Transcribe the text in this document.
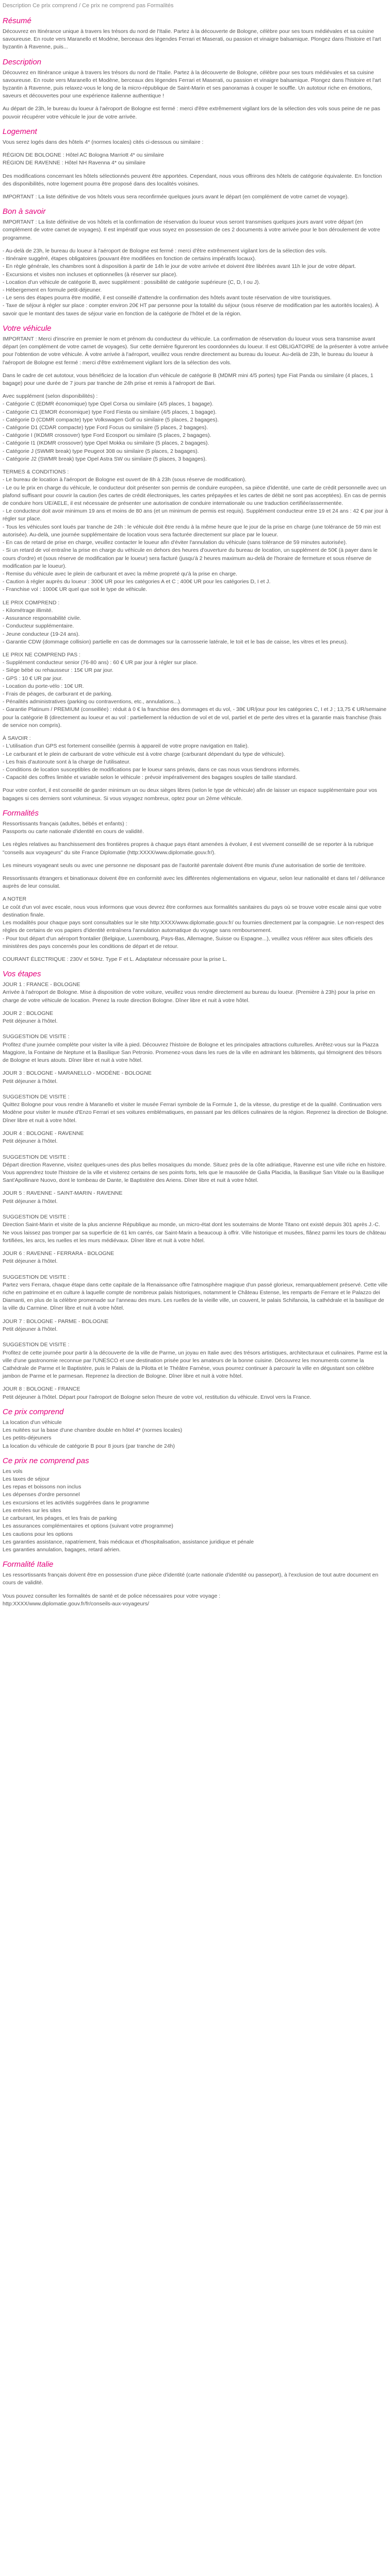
Description Ce prix comprend / Ce prix ne comprend pas Formalités
Résumé

Découvrez en Itinérance unique à travers les trésors du nord de l'Italie. Partez à la découverte de Bologne, célèbre pour ses tours médiévales et sa cuisine savoureuse. En route vers Maranello et Modène, berceaux des légendes Ferrari et Maserati, ou passion et vinaigre balsamique. Plongez dans l'histoire et l'art byzantin à Ravenne, puis...

Description

Découvrez en Itinérance unique à travers les trésors du nord de l'Italie. Partez à la découverte de Bologne, célèbre pour ses tours médiévales et sa cuisine savoureuse. En route vers Maranello et Modène, berceaux des légendes Ferrari et Maserati, ou passion et vinaigre balsamique. Plongez dans l'histoire et l'art byzantin à Ravenne, puis relaxez-vous le long de la micro-république de Saint-Marin et ses panoramas à couper le souffle. Un autotour riche en émotions, saveurs et découvertes pour une expérience italienne authentique !

Au départ de 23h, le bureau du loueur à l'aéroport de Bologne est fermé : merci d'être extrêmement vigilant lors de la sélection des vols sous peine de ne pas pouvoir récupérer votre véhicule le jour de votre arrivée.

Logement

Vous serez logés dans des hôtels 4* (normes locales) cités ci-dessous ou similaire :

RÉGION DE BOLOGNE : Hôtel AC Bologna Marriott 4* ou similaire
RÉGION DE RAVENNE : Hôtel NH Ravenna 4* ou similaire

Des modifications concernant les hôtels sélectionnés peuvent être apportées. Cependant, nous vous offrirons des hôtels de catégorie équivalente. En fonction des disponibilités, notre logement pourra être proposé dans des localités voisines.

IMPORTANT : La liste définitive de vos hôtels vous sera reconfirmée quelques jours avant le départ (en complément de votre carnet de voyage).

Bon à savoir

IMPORTANT : La liste définitive de vos hôtels et la confirmation de réservation du loueur vous seront transmises quelques jours avant votre départ (en complément de votre carnet de voyages). Il est impératif que vous soyez en possession de ces 2 documents à votre arrivée pour le bon déroulement de votre programme.

- Au-delà de 23h, le bureau du loueur à l'aéroport de Bologne est fermé : merci d'être extrêmement vigilant lors de la sélection des vols.
- Itinéraire suggéré, étapes obligatoires (pouvant être modifiées en fonction de certains impératifs locaux).
- En règle générale, les chambres sont à disposition à partir de 14h le jour de votre arrivée et doivent être libérées avant 11h le jour de votre départ.
- Excursions et visites non incluses et optionnelles (à réserver sur place).
- Location d'un véhicule de catégorie B, avec supplément : possibilité de catégorie supérieure (C, D, I ou J).
- Hébergement en formule petit-déjeuner.
- Le sens des étapes pourra être modifié, il est conseillé d'attendre la confirmation des hôtels avant toute réservation de vitre touristiques.
- Taxe de séjour à régler sur place : compter environ 20€ HT par personne pour la totalité du séjour (sous réserve de modification par les autorités locales). À savoir que le montant des taxes de séjour varie en fonction de la catégorie de l'hôtel et de la région.

Votre véhicule

IMPORTANT : Merci d'inscrire en premier le nom et prénom du conducteur du véhicule. La confirmation de réservation du loueur vous sera transmise avant départ (en complément de votre carnet de voyages). Sur cette dernière figureront les coordonnées du loueur. Il est OBLIGATOIRE de la présenter à votre arrivée pour l'obtention de votre véhicule. À votre arrivée à l'aéroport, veuillez vous rendre directement au bureau du loueur. Au-delà de 23h, le bureau du loueur à l'aéroport de Bologne est fermé : merci d'être extrêmement vigilant lors de la sélection des vols.

Dans le cadre de cet autotour, vous bénéficiez de la location d'un véhicule de catégorie B (MDMR mini 4/5 portes) type Fiat Panda ou similaire (4 places, 1 bagage) pour une durée de 7 jours par tranche de 24h prise et remis à l'aéroport de Bari.

Avec supplément (selon disponibilités) :
- Catégorie C (EDMR économique) type Opel Corsa ou similaire (4/5 places, 1 bagage).
- Catégorie C1 (EMOR économique) type Ford Fiesta ou similaire (4/5 places, 1 bagage).
- Catégorie D (CDMR compacte) type Volkswagen Golf ou similaire (5 places, 2 bagages).
- Catégorie D1 (CDAR compacte) type Ford Focus ou similaire (5 places, 2 bagages).
- Catégorie I (IKDMR crossover) type Ford Ecosport ou similaire (5 places, 2 bagages).
- Catégorie I1 (IKDMR crossover) type Opel Mokka ou similaire (5 places, 2 bagages).
- Catégorie J (SWMR break) type Peugeot 308 ou similaire (5 places, 2 bagages).
- Catégorie J2 (SWMR break) type Opel Astra SW ou similaire (5 places, 3 bagages).

TERMES & CONDITIONS :
- Le bureau de location à l'aéroport de Bologne est ouvert de 8h à 23h (sous réserve de modification).
- Le ou le prix en charge du véhicule, le conducteur doit présenter son permis de conduire européen, sa pièce d'identité, une carte de crédit personnelle avec un plafond suffisant pour couvrir la caution (les cartes de crédit électroniques, les cartes prépayées et les cartes de débit ne sont pas acceptées). En cas de permis de conduire hors UE/AELE, il est nécessaire de présenter une autorisation de conduire internationale ou une traduction certifiée/assermentée.
- Le conducteur doit avoir minimum 19 ans et moins de 80 ans (et un minimum de permis est requis). Supplément conducteur entre 19 et 24 ans : 42 € par jour à régler sur place.
- Tous les véhicules sont loués par tranche de 24h : le véhicule doit être rendu à la même heure que le jour de la prise en charge (une tolérance de 59 min est autorisée). Au-delà, une journée supplémentaire de location vous sera facturée directement sur place par le loueur.
- En cas de retard de prise en charge, veuillez contacter le loueur afin d'éviter l'annulation du véhicule (sans tolérance de 59 minutes autorisée).
- Si un retard de vol entraîne la prise en charge du véhicule en dehors des heures d'ouverture du bureau de location, un supplément de 50€ (à payer dans le cours d'ordre) et (sous réserve de modification par le loueur) sera facturé (jusqu'à 2 heures maximum au-delà de l'horaire de fermeture et sous réserve de modification par le loueur).
- Remise du véhicule avec le plein de carburant et avec la même propreté qu'à la prise en charge.
- Caution à régler auprès du loueur : 300€ UR pour les catégories A et C ; 400€ UR pour les catégories D, I et J.
- Franchise vol : 1000€ UR quel que soit le type de véhicule.

LE PRIX COMPREND :
- Kilométrage illimité.
- Assurance responsabilité civile.
- Conducteur supplémentaire.
- Jeune conducteur (19-24 ans).
- Garantie CDW (dommage collision) partielle en cas de dommages sur la carrosserie latérale, le toit et le bas de caisse, les vitres et les pneus).
LE PRIX NE COMPREND PAS :
- Supplément conducteur senior (76-80 ans) : 60 € UR par jour à régler sur place.
- Siège bébé ou rehausseur : 15€ UR par jour.
- GPS : 10 € UR par jour.
- Location du porte-vélo : 10€ UR.
- Frais de péages, de carburant et de parking.
- Pénalités administratives (parking ou contraventions, etc., annulations...).
- Garantie Platinum / PREMIUM (conseillée) : réduit à 0 € la franchise des dommages et du vol, - 38€ UR/jour pour les catégories C, I et J ; 13,75 € UR/semaine pour la catégorie B (directement au loueur et au vol : partiellement la réduction de vol et de vol, partiel et de perte des vitres et la garantie mais franchise (frais de service non compris).
À SAVOIR :
- L'utilisation d'un GPS est fortement conseillée (permis à appareil de votre propre navigation en Italie).
- Le carburant et le plein de carburant de votre véhicule est à votre charge (carburant dépendant du type de véhicule).
- Les frais d'autoroute sont à la charge de l'utilisateur.
- Conditions de location susceptibles de modifications par le loueur sans préavis, dans ce cas nous vous tiendrons informés.
- Capacité des coffres limitée et variable selon le véhicule : prévoir impérativement des bagages souples de taille standard.

Pour votre confort, il est conseillé de garder minimum un ou deux sièges libres (selon le type de véhicule) afin de laisser un espace supplémentaire pour vos bagages si ces derniers sont volumineux. Si vous voyagez nombreux, optez pour un 2ème véhicule.

Formalités

Ressortissants français (adultes, bébés et enfants) :
Passports ou carte nationale d'identité en cours de validité.

Les règles relatives au franchissement des frontières propres à chaque pays étant amenées à évoluer, il est vivement conseillé de se reporter à la rubrique "conseils aux voyageurs" du site France Diplomatie (http:XXXX/www.diplomatie.gouv.fr/).

Les mineurs voyageant seuls ou avec une personne ne disposant pas de l'autorité parentale doivent être munis d'une autorisation de sortie de territoire.

Ressortissants étrangers et binationaux doivent être en conformité avec les différentes réglementations en vigueur, selon leur nationalité et dans tel / délivrance auprès de leur consulat.

A NOTER
Le coût d'un vol avec escale, nous vous informons que vous devrez être conformes aux formalités sanitaires du pays où se trouve votre escale ainsi que votre destination finale.
Les modalités pour chaque pays sont consultables sur le site http:XXXX/www.diplomatie.gouv.fr/ ou fournies directement par la compagnie. Le non-respect des règles de certains de vos papiers d'identité entraînera l'annulation automatique du voyage sans remboursement.
- Pour tout départ d'un aéroport frontalier (Belgique, Luxembourg, Pays-Bas, Allemagne, Suisse ou Espagne...), veuillez vous référer aux sites officiels des ministères des pays concernés pour les conditions de départ et de retour.

COURANT ÉLECTRIQUE : 230V et 50Hz. Type F et L. Adaptateur nécessaire pour la prise L.

Vos étapes
JOUR 1 : FRANCE - BOLOGNE

Arrivée à l'aéroport de Bologne. Mise à disposition de votre voiture, veuillez vous rendre directement au bureau du loueur. (Première à 23h) pour la prise en charge de votre véhicule de location. Prenez la route direction Bologne. Dîner libre et nuit à votre hôtel.

JOUR 2 : BOLOGNE

Petit déjeuner à l'hôtel.

SUGGESTION DE VISITE :
Profitez d'une journée complète pour visiter la ville à pied. Découvrez l'histoire de Bologne et les principales attractions culturelles. Arrêtez-vous sur la Piazza Maggiore, la Fontaine de Neptune et la Basilique San Petronio. Promenez-vous dans les rues de la ville en admirant les bâtiments, qui témoignent des trésors de Bologne et leurs atouts. Dîner libre et nuit à votre hôtel.

JOUR 3 : BOLOGNE - MARANELLO - MODÈNE - BOLOGNE

Petit déjeuner à l'hôtel.

SUGGESTION DE VISITE :
Quittez Bologne pour vous rendre à Maranello et visiter le musée Ferrari symbole de la Formule 1, de la vitesse, du prestige et de la qualité. Continuation vers Modène pour visiter le musée d'Enzo Ferrari et ses voitures emblématiques, en passant par les délices culinaires de la région. Reprenez la direction de Bologne. Dîner libre et nuit à votre hôtel.

JOUR 4 : BOLOGNE - RAVENNE

Petit déjeuner à l'hôtel.

SUGGESTION DE VISITE :
Départ direction Ravenne, visitez quelques-unes des plus belles mosaïques du monde. Situez près de la côte adriatique, Ravenne est une ville riche en histoire. Vous apprendrez toute l'histoire de la ville et visiterez certains de ses points forts, tels que le mausolée de Galla Placidia, la Basilique San Vitale ou la Basilique Sant'Apollinare Nuovo, dont le tombeau de Dante, le Baptistère des Ariens. Dîner libre et nuit à votre hôtel.

JOUR 5 : RAVENNE - SAINT-MARIN - RAVENNE

Petit déjeuner à l'hôtel.

SUGGESTION DE VISITE :
Direction Saint-Marin et visite de la plus ancienne République au monde, un micro-état dont les souterrains de Monte Titano ont existé depuis 301 après J.-C. Ne vous laissez pas tromper par sa superficie de 61 km carrés, car Saint-Marin a beaucoup à offrir. Ville historique et musées, flânez parmi les tours de château fortifiées, les arcs, les ruelles et les murs médiévaux. Dîner libre et nuit à votre hôtel.

JOUR 6 : RAVENNE - FERRARA - BOLOGNE

Petit déjeuner à l'hôtel.

SUGGESTION DE VISITE :
Partez vers Ferrara, chaque étape dans cette capitale de la Renaissance offre l'atmosphère magique d'un passé glorieux, remarquablement préservé. Cette ville riche en patrimoine et en culture à laquelle compte de nombreux palais historiques, notamment le Château Estense, les remparts de Ferrare et le Palazzo dei Diamanti, en plus de la célèbre promenade sur l'anneau des murs. Les ruelles de la vieille ville, un couvent, le palais Schifanoia, la cathédrale et la basilique de la ville du Carmine. Dîner libre et nuit à votre hôtel.

JOUR 7 : BOLOGNE - PARME - BOLOGNE

Petit déjeuner à l'hôtel.

SUGGESTION DE VISITE :
Profitez de cette journée pour partir à la découverte de la ville de Parme, un joyau en Italie avec des trésors artistiques, architecturaux et culinaires. Parme est la ville d'une gastronomie reconnue par l'UNESCO et une destination prisée pour les amateurs de la bonne cuisine. Découvrez les monuments comme la Cathédrale de Parme et le Baptistère, puis le Palais de la Pilotta et le Théâtre Farnèse, vous pourrez continuer à parcourir la ville en dégustant son célèbre jambon de Parme et le parmesan. Reprenez la direction de Bologne. Dîner libre et nuit à votre hôtel.

JOUR 8 : BOLOGNE - FRANCE

Petit déjeuner à l'hôtel. Départ pour l'aéroport de Bologne selon l'heure de votre vol, restitution du véhicule. Envol vers la France.

Ce prix comprend
La location d'un véhicule
Les nuitées sur la base d'une chambre double en hôtel 4* (normes locales)
Les petits-déjeuners
La location du véhicule de catégorie B pour 8 jours (par tranche de 24h)
Ce prix ne comprend pas
Les vols
Les taxes de séjour
Les repas et boissons non inclus
Les dépenses d'ordre personnel
Les excursions et les activités suggérées dans le programme
Les entrées sur les sites
Le carburant, les péages, et les frais de parking
Les assurances complémentaires et options (suivant votre programme)
Les cautions pour les options
Les garanties assistance, rapatriement, frais médicaux et d'hospitalisation, assistance juridique et pénale
Les garanties annulation, bagages, retard aérien.
Formalité Italie

Les ressortissants français doivent être en possession d'une pièce d'identité (carte nationale d'identité ou passeport), à l'exclusion de tout autre document en cours de validité.

Vous pouvez consulter les formalités de santé et de police nécessaires pour votre voyage :
http:XXXX/www.diplomatie.gouv.fr/fr/conseils-aux-voyageurs/
